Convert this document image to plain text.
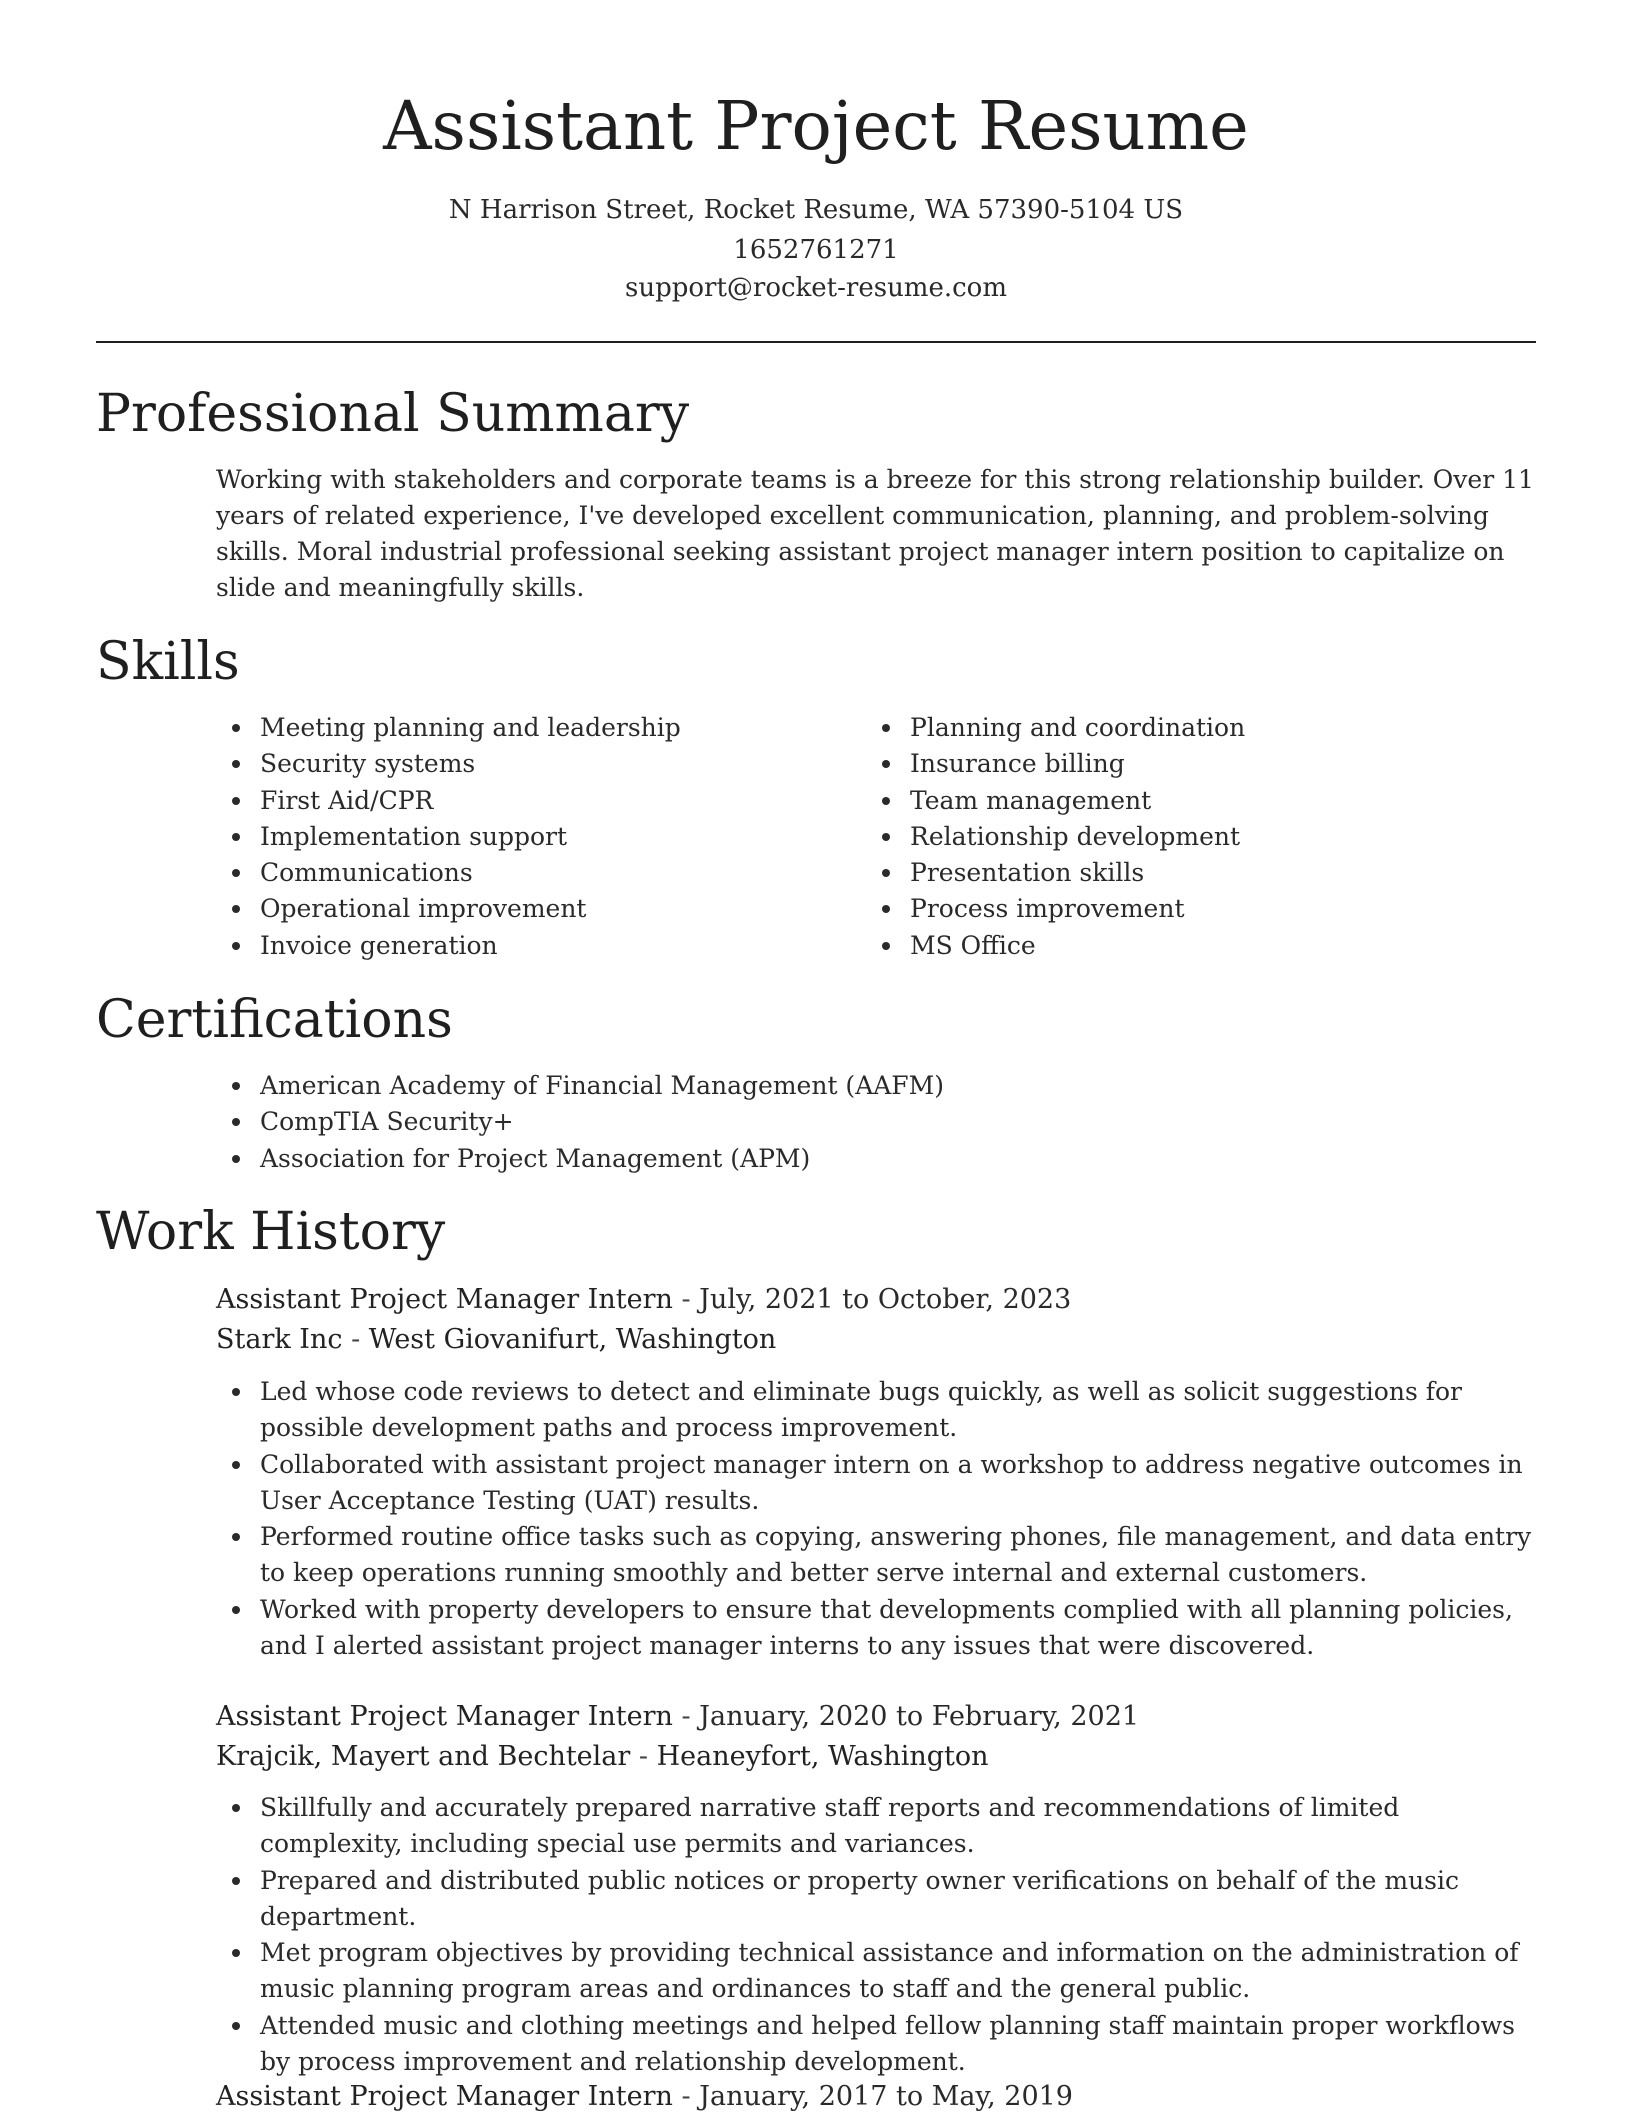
Assistant Project Resume
N Harrison Street, Rocket Resume, WA 57390-5104 US
1652761271
support@rocket-resume.com
Professional Summary

Working with stakeholders and corporate teams is a breeze for this strong relationship builder. Over 11 years of related experience, I've developed excellent communication, planning, and problem-solving skills. Moral industrial professional seeking assistant project manager intern position to capitalize on slide and meaningfully skills.

Skills
Meeting planning and leadership
Security systems
First Aid/CPR
Implementation support
Communications
Operational improvement
Invoice generation
Planning and coordination
Insurance billing
Team management
Relationship development
Presentation skills
Process improvement
MS Office
Certifications
American Academy of Financial Management (AAFM)
CompTIA Security+
Association for Project Management (APM)
Work History
Assistant Project Manager Intern - July, 2021 to October, 2023
Stark Inc - West Giovanifurt, Washington
Led whose code reviews to detect and eliminate bugs quickly, as well as solicit suggestions for possible development paths and process improvement.
Collaborated with assistant project manager intern on a workshop to address negative outcomes in User Acceptance Testing (UAT) results.
Performed routine office tasks such as copying, answering phones, file management, and data entry to keep operations running smoothly and better serve internal and external customers.
Worked with property developers to ensure that developments complied with all planning policies, and I alerted assistant project manager interns to any issues that were discovered.
Assistant Project Manager Intern - January, 2020 to February, 2021
Krajcik, Mayert and Bechtelar - Heaneyfort, Washington
Skillfully and accurately prepared narrative staff reports and recommendations of limited complexity, including special use permits and variances.
Prepared and distributed public notices or property owner verifications on behalf of the music department.
Met program objectives by providing technical assistance and information on the administration of music planning program areas and ordinances to staff and the general public.
Attended music and clothing meetings and helped fellow planning staff maintain proper workflows by process improvement and relationship development.
Assistant Project Manager Intern - January, 2017 to May, 2019
